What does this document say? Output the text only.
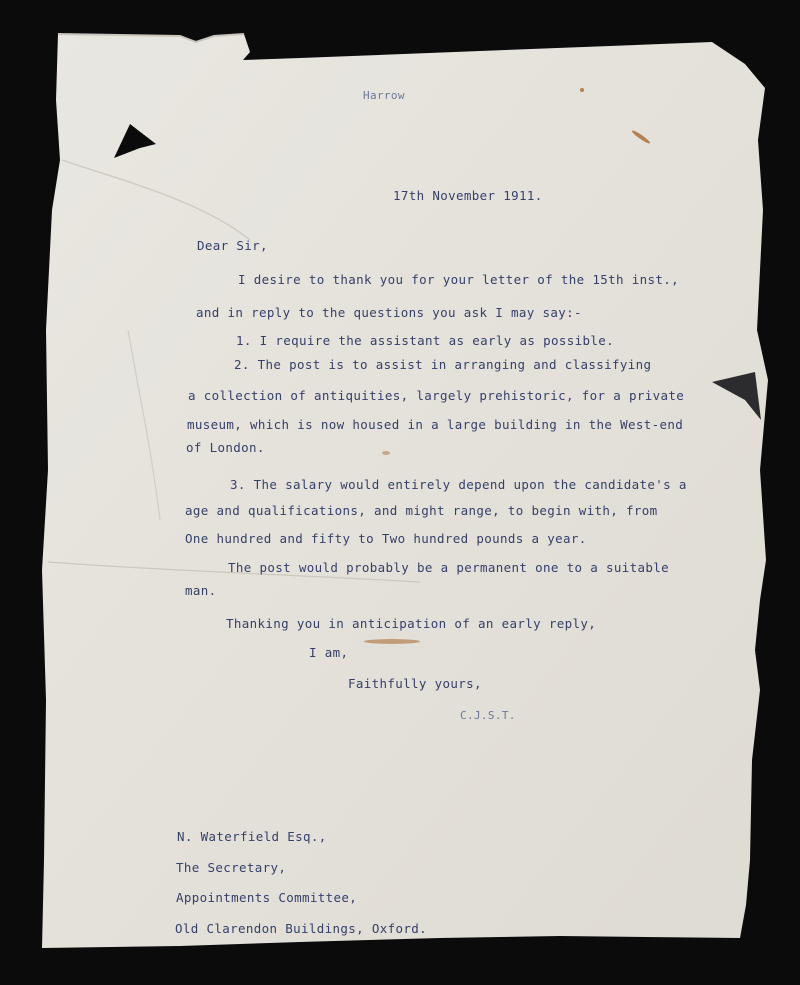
Harrow
17th November 1911.
Dear Sir,
I desire to thank you for your letter of the 15th inst.,
and in reply to the questions you ask I may say:-
1. I require the assistant as early as possible.
2. The post is to assist in arranging and classifying
a collection of antiquities, largely prehistoric, for a private
museum, which is now housed in a large building in the West-end
of London.
3. The salary would entirely depend upon the candidate's a
age and qualifications, and might range, to begin with, from
One hundred and fifty to Two hundred pounds a year.
The post would probably be a permanent one to a suitable
man.
Thanking you in anticipation of an early reply,
I am,
Faithfully yours,
C.J.S.T.
N. Waterfield Esq.,
The Secretary,
Appointments Committee,
Old Clarendon Buildings, Oxford.
